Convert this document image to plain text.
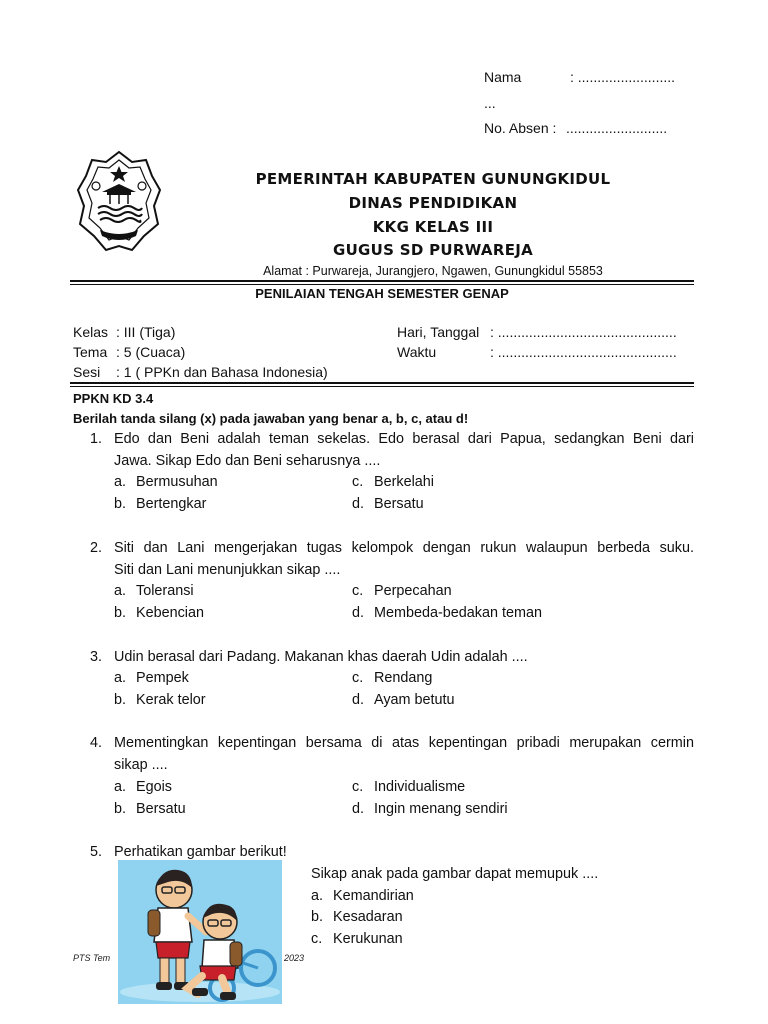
Nama	: .........................
...
No. Absen : ..........................
PEMERINTAH KABUPATEN GUNUNGKIDUL
DINAS PENDIDIKAN
KKG KELAS III
GUGUS SD PURWAREJA
Alamat : Purwareja, Jurangjero, Ngawen, Gunungkidul 55853
PENILAIAN TENGAH SEMESTER GENAP
Kelas : III (Tiga)
Tema : 5 (Cuaca)
Sesi : 1 ( PPKn dan Bahasa Indonesia)
Hari, Tanggal : ..............................................
Waktu	: ..............................................
PPKN KD 3.4
Berilah tanda silang (x) pada jawaban yang benar a, b, c, atau d!
1. Edo dan Beni adalah teman sekelas. Edo berasal dari Papua, sedangkan Beni dari
Jawa. Sikap Edo dan Beni seharusnya ....
a. Bermusuhan
b. Bertengkar
c. Berkelahi
d. Bersatu
2. Siti dan Lani mengerjakan tugas kelompok dengan rukun walaupun berbeda suku.
Siti dan Lani menunjukkan sikap ....
a. Toleransi
b. Kebencian
c. Perpecahan
d. Membeda-bedakan teman
3. Udin berasal dari Padang. Makanan khas daerah Udin adalah ....
a. Pempek
b. Kerak telor
c. Rendang
d. Ayam betutu
4. Mementingkan kepentingan bersama di atas kepentingan pribadi merupakan cermin
sikap ....
a. Egois
b. Bersatu
c. Individualisme
d. Ingin menang sendiri
5. Perhatikan gambar berikut!
Sikap anak pada gambar dapat memupuk ....
a. Kemandirian
b. Kesadaran
c. Kerukunan
PTS Tem	2023
